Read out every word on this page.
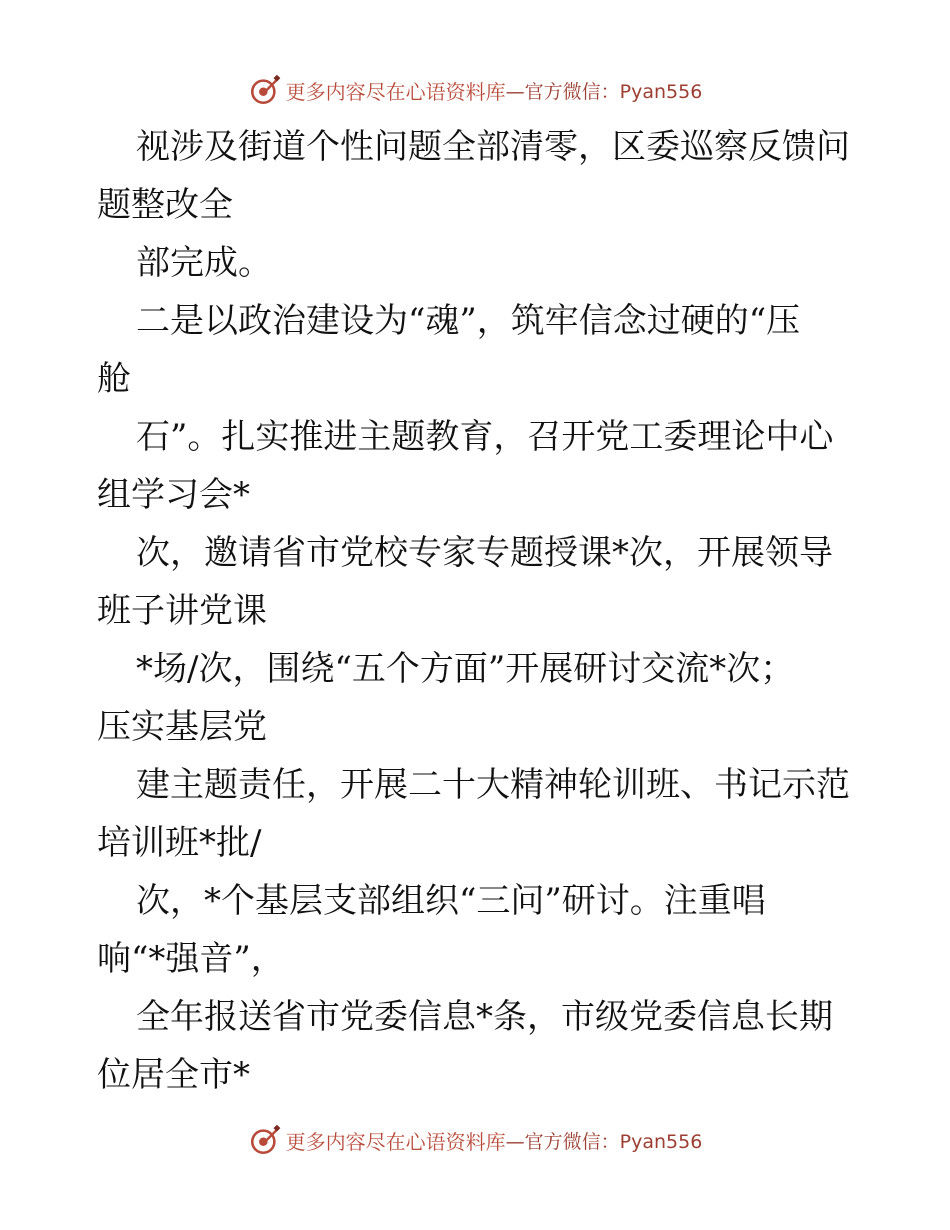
更多内容尽在心语资料库 —官方微信：Pyan556
视涉及街道个性问题全部清零，区委巡察反馈问
题整改全
部完成。
二是以政治建设为“魂”，筑牢信念过硬的“压
舱
石”。扎实推进主题教育，召开党工委理论中心
组学习会*
次，邀请省市党校专家专题授课*次，开展领导
班子讲党课
*场/次，围绕“五个方面”开展研讨交流*次；
压实基层党
建主题责任，开展二十大精神轮训班、书记示范
培训班*批/
次，*个基层支部组织“三问”研讨。注重唱
响“*强音”，
全年报送省市党委信息*条，市级党委信息长期
位居全市*
更多内容尽在心语资料库 —官方微信：Pyan556
